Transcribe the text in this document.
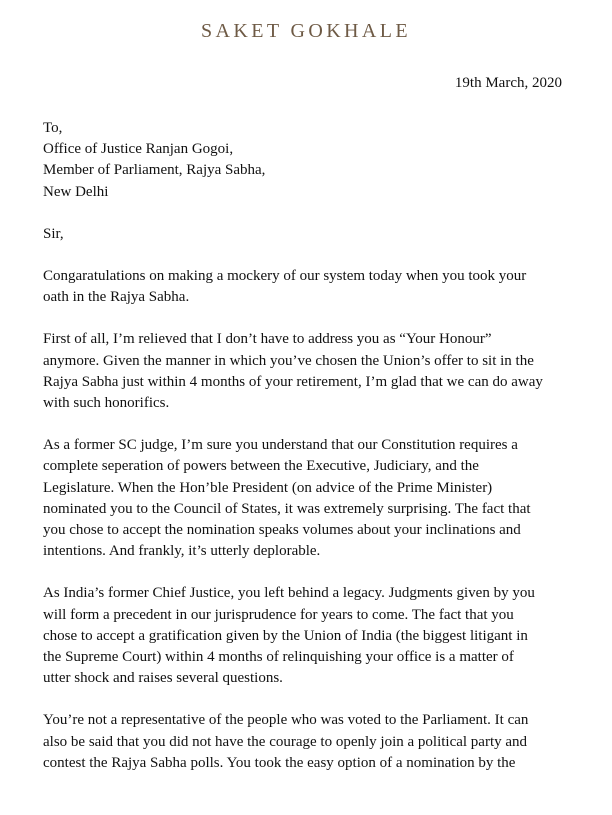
SAKET GOKHALE
19th March, 2020
To,
Office of Justice Ranjan Gogoi,
Member of Parliament, Rajya Sabha,
New Delhi
Sir,
Congaratulations on making a mockery of our system today when you took your
oath in the Rajya Sabha.
First of all, I’m relieved that I don’t have to address you as “Your Honour”
anymore. Given the manner in which you’ve chosen the Union’s offer to sit in the
Rajya Sabha just within 4 months of your retirement, I’m glad that we can do away
with such honorifics.
As a former SC judge, I’m sure you understand that our Constitution requires a
complete seperation of powers between the Executive, Judiciary, and the
Legislature. When the Hon’ble President (on advice of the Prime Minister)
nominated you to the Council of States, it was extremely surprising. The fact that
you chose to accept the nomination speaks volumes about your inclinations and
intentions. And frankly, it’s utterly deplorable.
As India’s former Chief Justice, you left behind a legacy. Judgments given by you
will form a precedent in our jurisprudence for years to come. The fact that you
chose to accept a gratification given by the Union of India (the biggest litigant in
the Supreme Court) within 4 months of relinquishing your office is a matter of
utter shock and raises several questions.
You’re not a representative of the people who was voted to the Parliament. It can
also be said that you did not have the courage to openly join a political party and
contest the Rajya Sabha polls. You took the easy option of a nomination by the
